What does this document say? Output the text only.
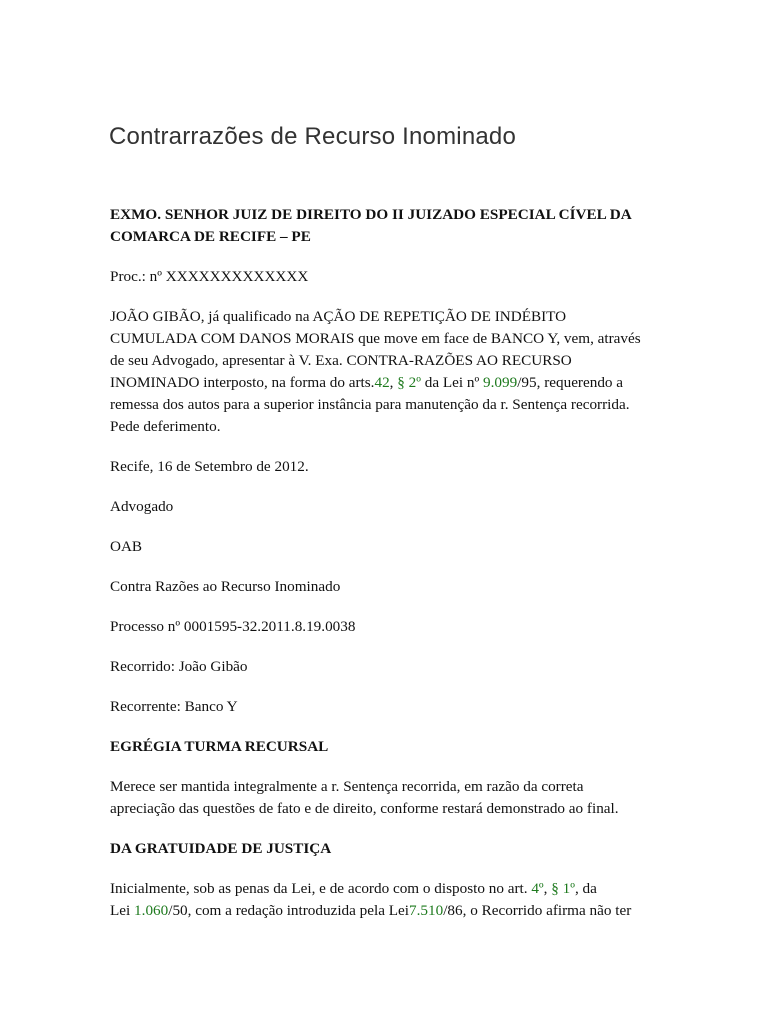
Contrarrazões de Recurso Inominado

EXMO. SENHOR JUIZ DE DIREITO DO II JUIZADO ESPECIAL CÍVEL DA

COMARCA DE RECIFE – PE

Proc.: nº XXXXXXXXXXXXX

JOÃO GIBÃO, já qualificado na AÇÃO DE REPETIÇÃO DE INDÉBITO

CUMULADA COM DANOS MORAIS que move em face de BANCO Y, vem, através

de seu Advogado, apresentar à V. Exa. CONTRA-RAZÕES AO RECURSO

INOMINADO interposto, na forma do arts.42, § 2º da Lei nº 9.099/95, requerendo a

remessa dos autos para a superior instância para manutenção da r. Sentença recorrida.

Pede deferimento.

Recife, 16 de Setembro de 2012.

Advogado

OAB

Contra Razões ao Recurso Inominado

Processo nº 0001595-32.2011.8.19.0038

Recorrido: João Gibão

Recorrente: Banco Y

EGRÉGIA TURMA RECURSAL

Merece ser mantida integralmente a r. Sentença recorrida, em razão da correta

apreciação das questões de fato e de direito, conforme restará demonstrado ao final.

DA GRATUIDADE DE JUSTIÇA

Inicialmente, sob as penas da Lei, e de acordo com o disposto no art. 4º, § 1º, da

Lei 1.060/50, com a redação introduzida pela Lei7.510/86, o Recorrido afirma não ter
